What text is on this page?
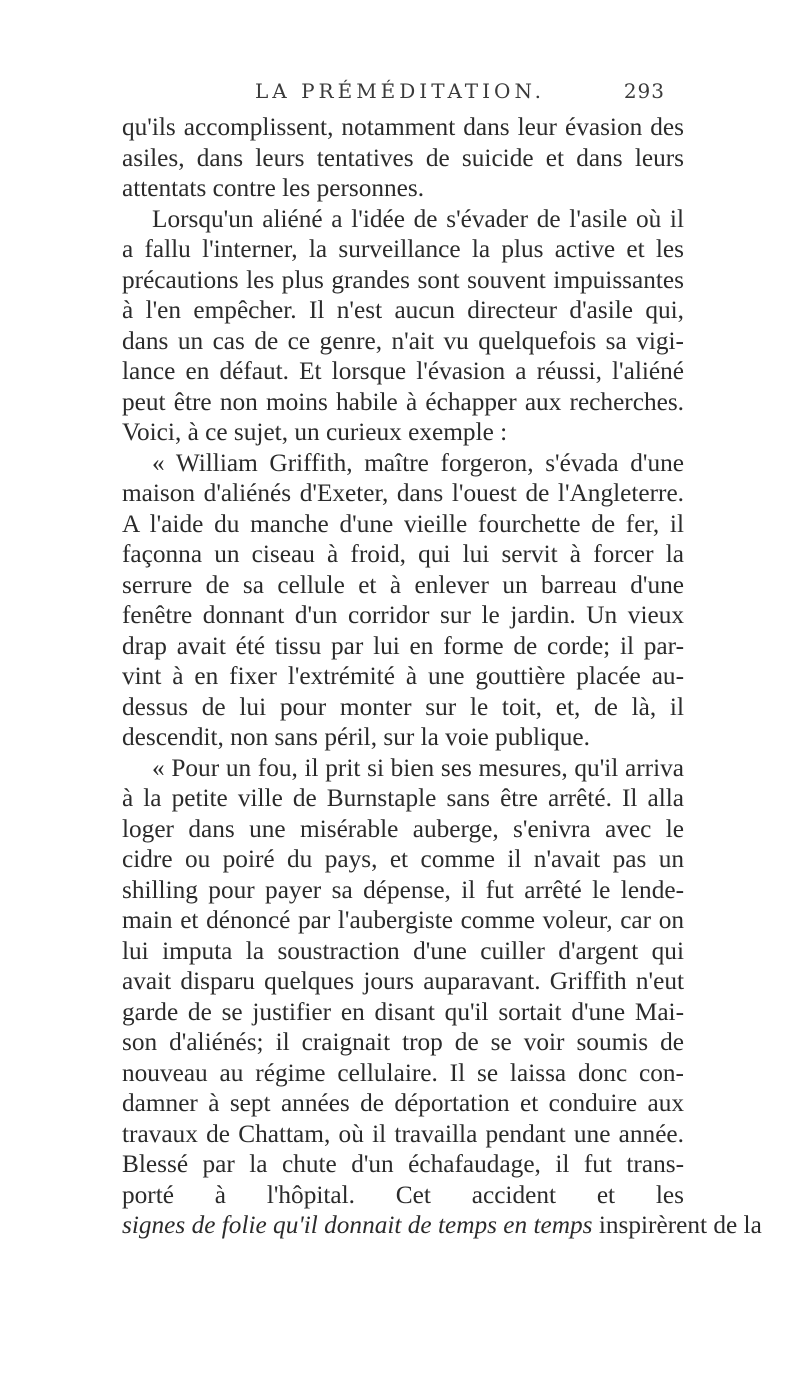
LA PRÉMÉDITATION.	293
qu'ils accomplissent, notamment dans leur évasion des
asiles, dans leurs tentatives de suicide et dans leurs
attentats contre les personnes.
Lorsqu'un aliéné a l'idée de s'évader de l'asile où il
a fallu l'interner, la surveillance la plus active et les
précautions les plus grandes sont souvent impuissantes
à l'en empêcher. Il n'est aucun directeur d'asile qui,
dans un cas de ce genre, n'ait vu quelquefois sa vigi-
lance en défaut. Et lorsque l'évasion a réussi, l'aliéné
peut être non moins habile à échapper aux recherches.
Voici, à ce sujet, un curieux exemple :
« William Griffith, maître forgeron, s'évada d'une
maison d'aliénés d'Exeter, dans l'ouest de l'Angleterre.
A l'aide du manche d'une vieille fourchette de fer, il
façonna un ciseau à froid, qui lui servit à forcer la
serrure de sa cellule et à enlever un barreau d'une
fenêtre donnant d'un corridor sur le jardin. Un vieux
drap avait été tissu par lui en forme de corde; il par-
vint à en fixer l'extrémité à une gouttière placée au-
dessus de lui pour monter sur le toit, et, de là, il
descendit, non sans péril, sur la voie publique.
« Pour un fou, il prit si bien ses mesures, qu'il arriva
à la petite ville de Burnstaple sans être arrêté. Il alla
loger dans une misérable auberge, s'enivra avec le
cidre ou poiré du pays, et comme il n'avait pas un
shilling pour payer sa dépense, il fut arrêté le lende-
main et dénoncé par l'aubergiste comme voleur, car on
lui imputa la soustraction d'une cuiller d'argent qui
avait disparu quelques jours auparavant. Griffith n'eut
garde de se justifier en disant qu'il sortait d'une Mai-
son d'aliénés; il craignait trop de se voir soumis de
nouveau au régime cellulaire. Il se laissa donc con-
damner à sept années de déportation et conduire aux
travaux de Chattam, où il travailla pendant une année.
Blessé par la chute d'un échafaudage, il fut trans-
porté à l'hôpital. Cet accident et les
signes de folie qu'il donnait de temps en temps inspirèrent de la
